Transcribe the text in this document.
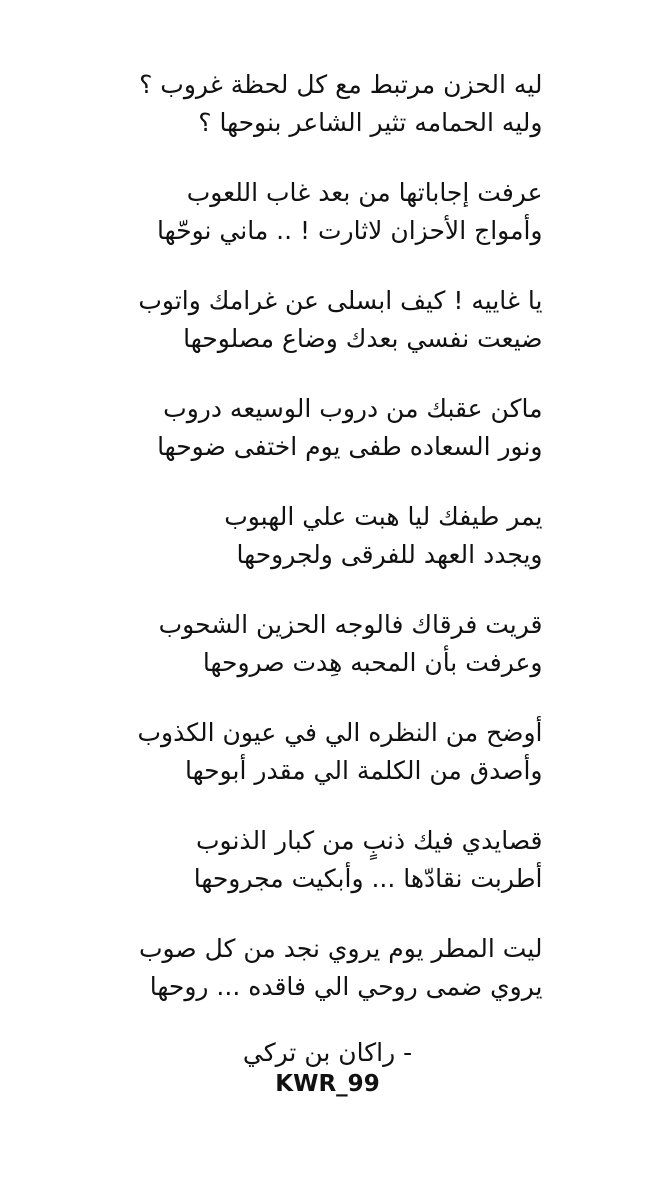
ليه الحزن مرتبط مع كل لحظة غروب ؟
وليه الحمامه تثير الشاعر بنوحها ؟
عرفت إجاباتها من بعد غاب اللعوب
وأمواج الأحزان لاثارت ! .. ماني نوحّها
يا غاييه ! كيف ابسلى عن غرامك واتوب
ضيعت نفسي بعدك وضاع مصلوحها
ماكن عقبك من دروب الوسيعه دروب
ونور السعاده طفى يوم اختفى ضوحها
يمر طيفك ليا هبت علي الهبوب
ويجدد العهد للفرقى ولجروحها
قريت فرقاك فالوجه الحزين الشحوب
وعرفت بأن المحبه هِدت صروحها
أوضح من النظره الي في عيون الكذوب
وأصدق من الكلمة الي مقدر أبوحها
قصايدي فيك ذنبٍ من كبار الذنوب
أطربت نقادّها ... وأبكيت مجروحها
ليت المطر يوم يروي نجد من كل صوب
يروي ضمى روحي الي فاقده ... روحها
- راكان بن تركي
KWR_99
